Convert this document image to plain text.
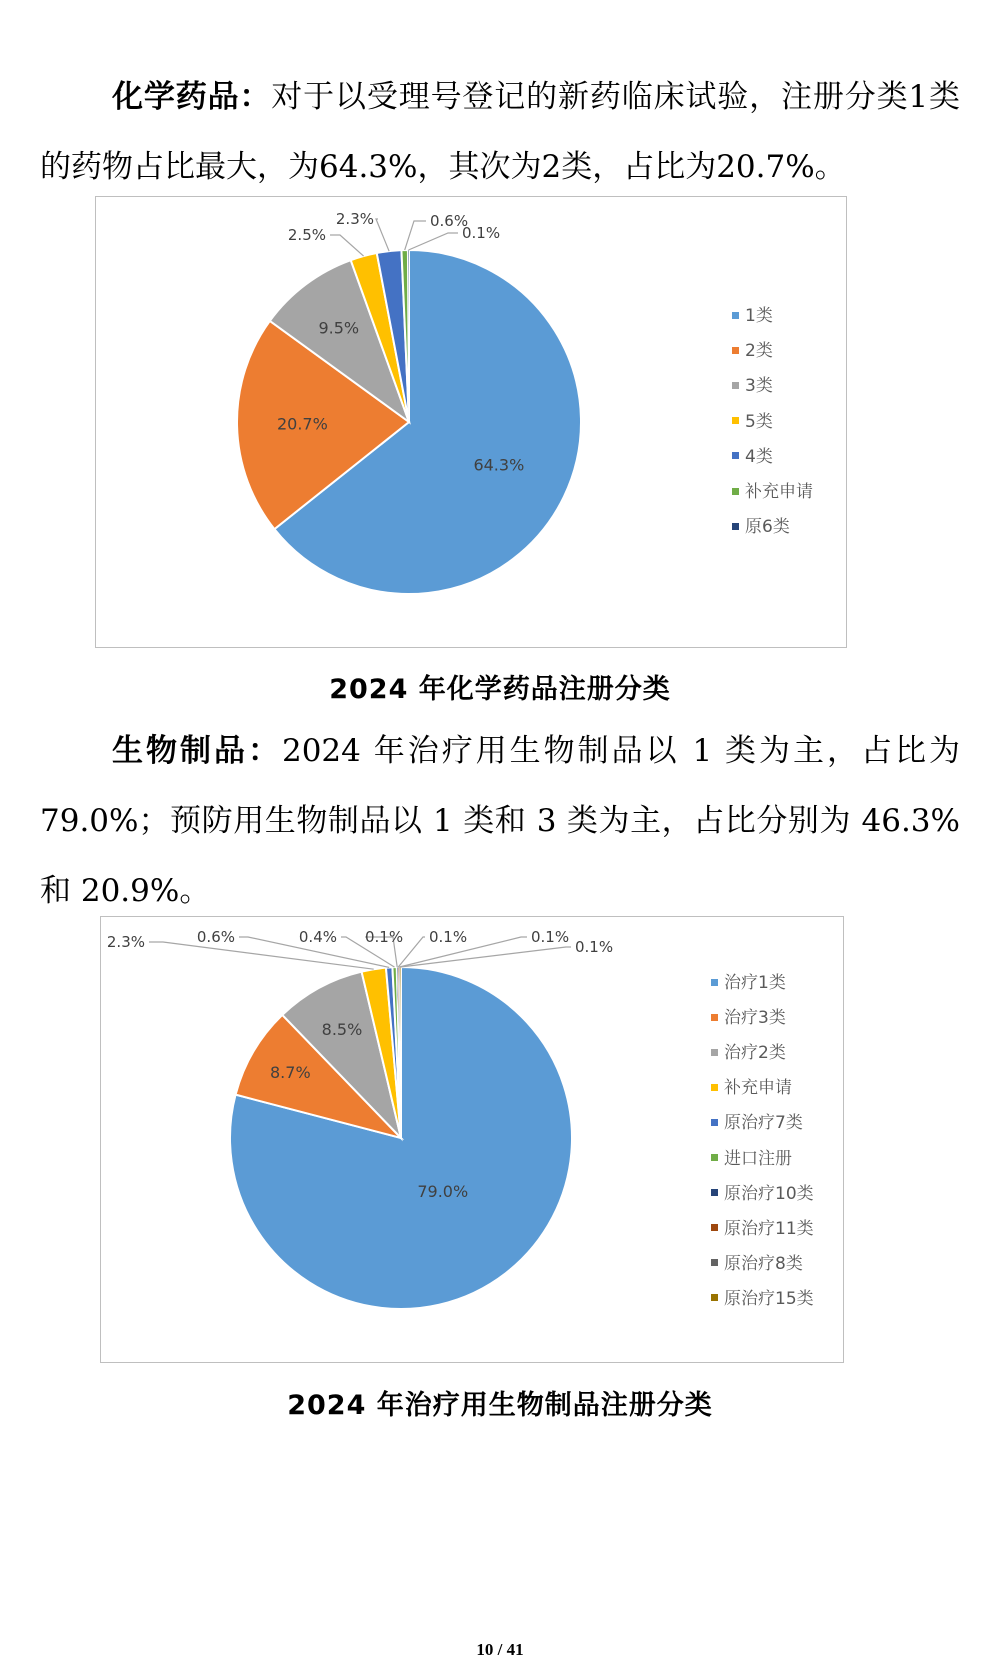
化学药品：对于以受理号登记的新药临床试验，注册分类1类的药物占比最大，为64.3%，其次为2类，占比为20.7%。

64.3%
20.7%
9.5%
2.5%
2.3%	0.6%
0.1%
1类
2类
3类
5类
4类
补充申请
原6类
2024 年化学药品注册分类

生物制品：2024 年治疗用生物制品以 1 类为主，占比为 79.0%；预防用生物制品以 1 类和 3 类为主，占比分别为 46.3% 和 20.9%。

79.0%
8.7%
8.5%
2.3%	0.6%	0.4% 0.1% 0.1%	0.1%
0.1%
治疗1类
治疗3类
治疗2类
补充申请
原治疗7类
进口注册
原治疗10类
原治疗11类
原治疗8类
原治疗15类
2024 年治疗用生物制品注册分类
10 / 41
